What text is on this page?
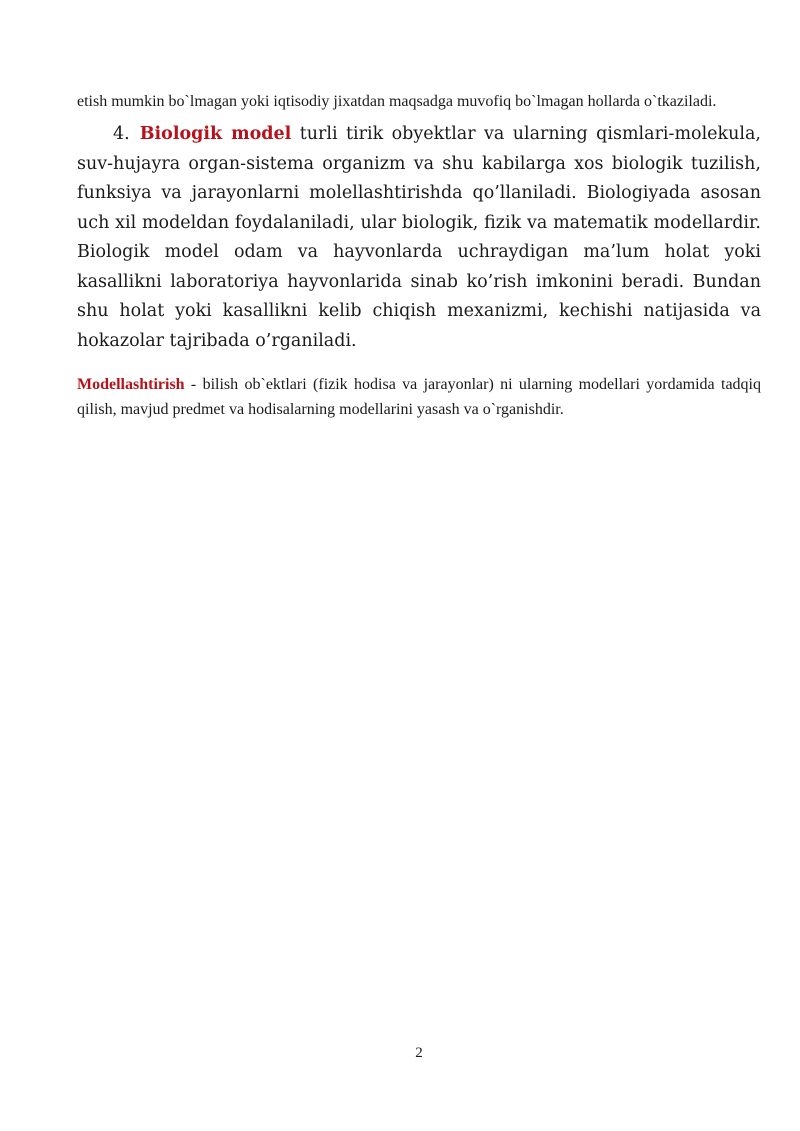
etish mumkin bo`lmagan yoki iqtisodiy jixatdan maqsadga muvofiq bo`lmagan hollarda o`tkaziladi.

4. Biologik model turli tirik obyektlar va ularning qismlari-molekula, suv-hujayra organ-sistema organizm va shu kabilarga xos biologik tuzilish, funksiya va jarayonlarni molellashtirishda qo’llaniladi. Biologiyada asosan uch xil modeldan foydalaniladi, ular biologik, fizik va matematik modellardir. Biologik model odam va hayvonlarda uchraydigan ma’lum holat yoki kasallikni laboratoriya hayvonlarida sinab ko’rish imkonini beradi. Bundan shu holat yoki kasallikni kelib chiqish mexanizmi, kechishi natijasida va hokazolar tajribada o’rganiladi.

Modellashtirish - bilish ob`ektlari (fizik hodisa va jarayonlar) ni ularning modellari yordamida tadqiq qilish, mavjud predmet va hodisalarning modellarini yasash va o`rganishdir.

2
